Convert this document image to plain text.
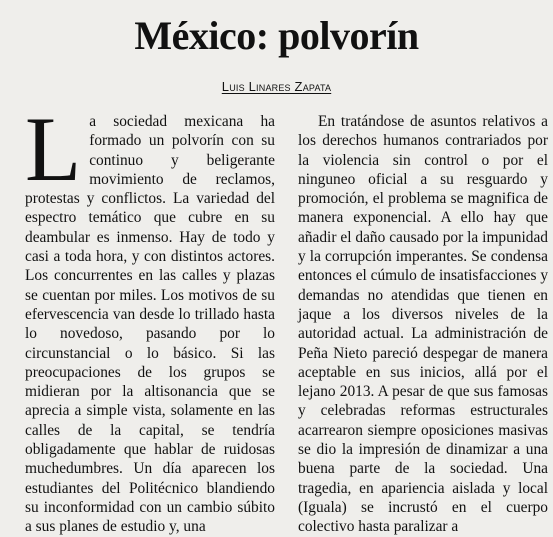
México: polvorín
Luis Linares Zapata
L a sociedad mexicana ha formado un polvorín con su continuo y beligerante movimiento de reclamos, protestas y conflictos. La variedad del espectro temático que cubre en su deambular es inmenso. Hay de todo y casi a toda hora, y con distintos actores. Los concurrentes en las calles y plazas se cuentan por miles. Los motivos de su efervescencia van desde lo trillado hasta lo novedoso, pasando por lo circunstancial o lo básico. Si las preocupaciones de los grupos se midieran por la altisonancia que se aprecia a simple vista, solamente en las calles de la capital, se tendría obligadamente que hablar de ruidosas muchedumbres. Un día aparecen los estudiantes del Politécnico blandiendo su inconformidad con un cambio súbito a sus planes de estudio y, una

En tratándose de asuntos relativos a los derechos humanos contrariados por la violencia sin control o por el ninguneo oficial a su resguardo y promoción, el problema se magnifica de manera exponencial. A ello hay que añadir el daño causado por la impunidad y la corrupción imperantes. Se condensa entonces el cúmulo de insatisfacciones y demandas no atendidas que tienen en jaque a los diversos niveles de la autoridad actual. La administración de Peña Nieto pareció despegar de manera aceptable en sus inicios, allá por el lejano 2013. A pesar de que sus famosas y celebradas reformas estructurales acarrearon siempre oposiciones masivas se dio la impresión de dinamizar a una buena parte de la sociedad. Una tragedia, en apariencia aislada y local (Iguala) se incrustó en el cuerpo colectivo hasta paralizar a
